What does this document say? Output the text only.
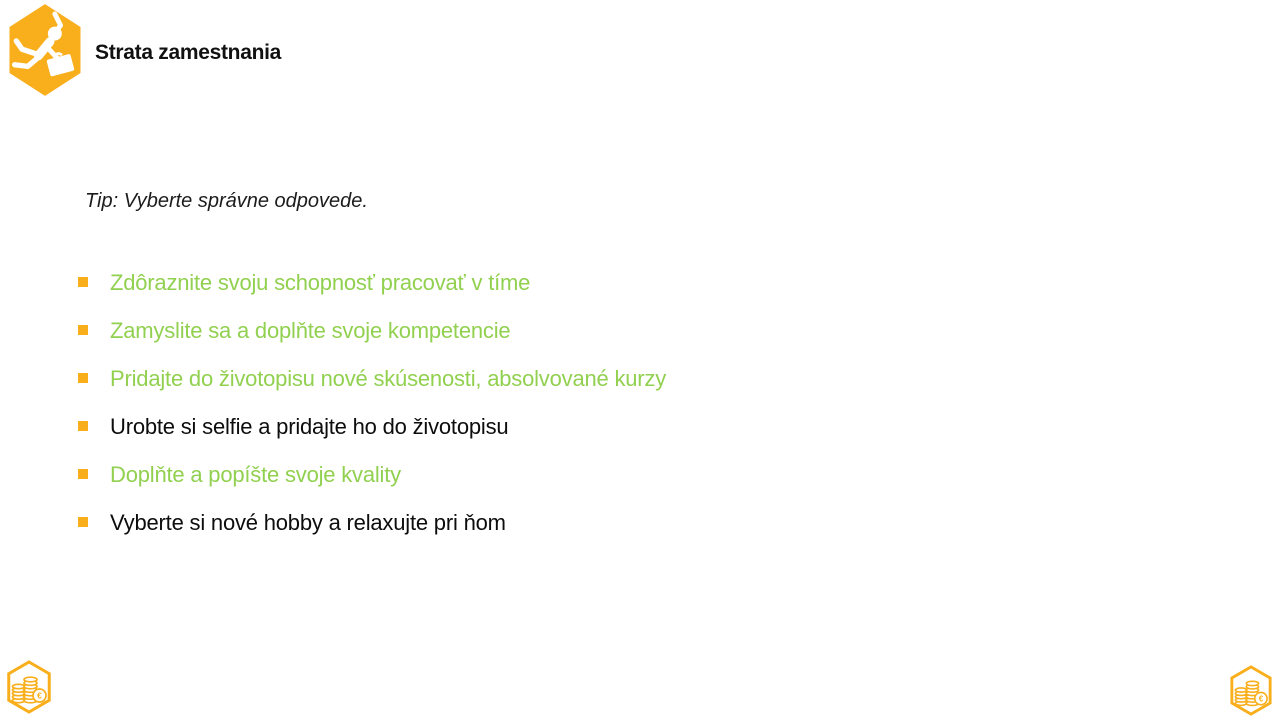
Strata zamestnania

Tip: Vyberte správne odpovede.

Zdôraznite svoju schopnosť pracovať v tíme
Zamyslite sa a doplňte svoje kompetencie
Pridajte do životopisu nové skúsenosti, absolvované kurzy
Urobte si selfie a pridajte ho do životopisu
Doplňte a popíšte svoje kvality
Vyberte si nové hobby a relaxujte pri ňom
€	€
